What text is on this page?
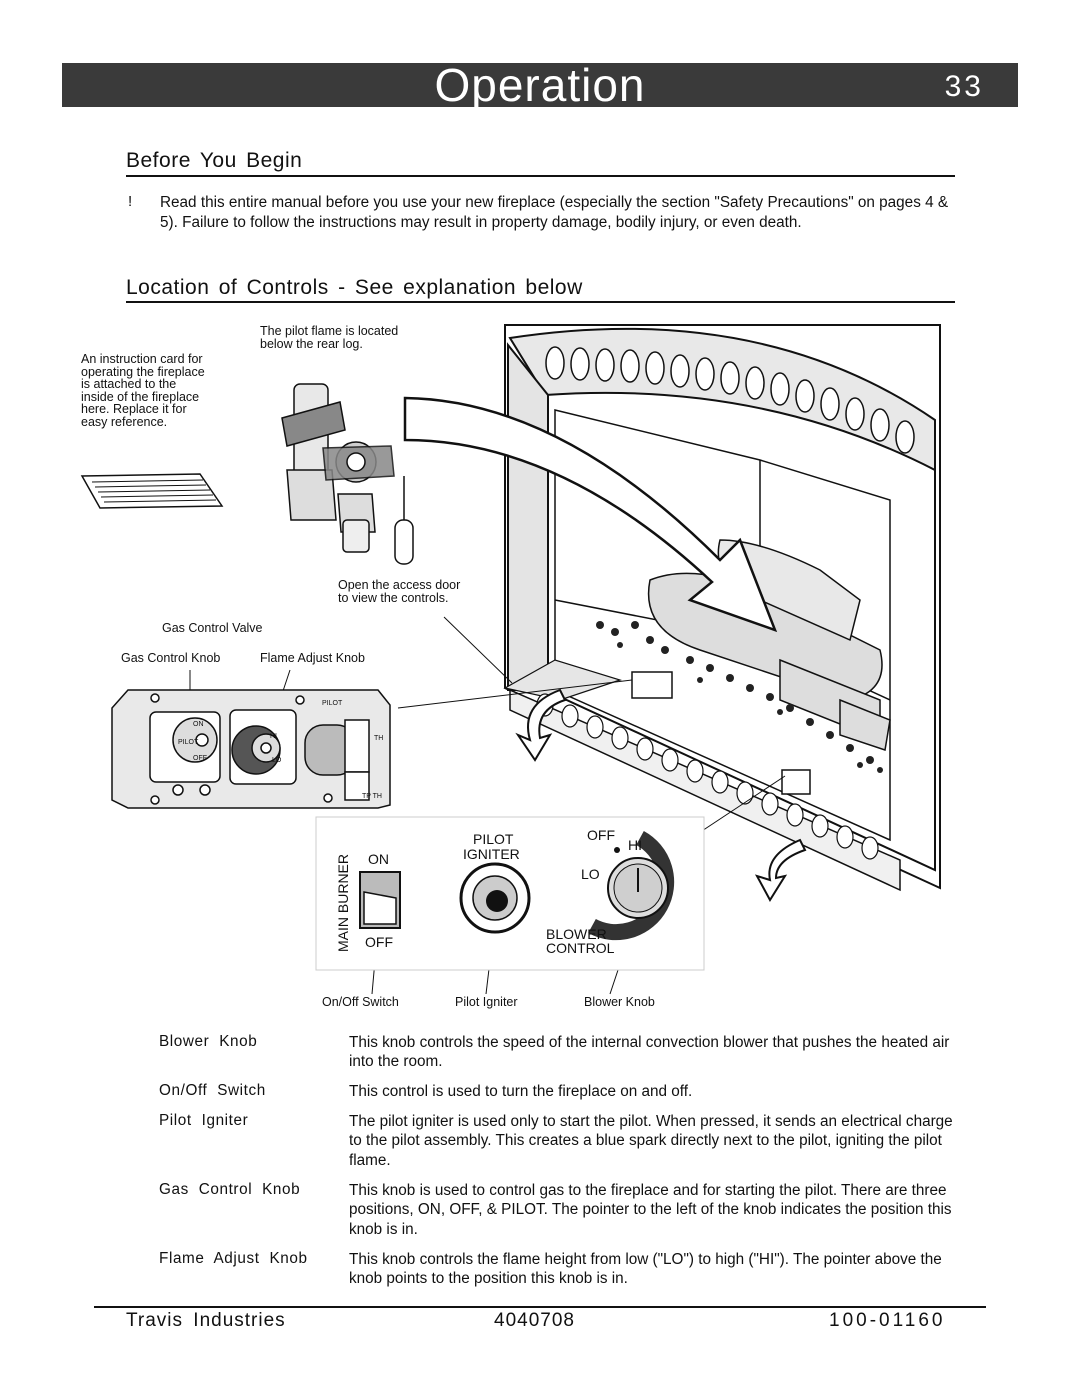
Operation	33
Before You Begin
! Read this entire manual before you use your new fireplace (especially the section "Safety Precautions" on pages 4 & 5). Failure to follow the instructions may result in property damage, bodily injury, or even death.
Location of Controls - See explanation below
ON
PILOT
OFF
HI
LO
PILOT
TH
TP TH
ON
OFF
PILOT
IGNITER
OFF
HI
LO
BLOWER
CONTROL
MAIN BURNER
An instruction card for
operating the fireplace
is attached to the
inside of the fireplace
here. Replace it for
easy reference.
The pilot flame is located
below the rear log.
Open the access door
to view the controls.
Gas Control Valve
Gas Control Knob	Flame Adjust Knob
On/Off Switch	Pilot Igniter	Blower Knob
Blower Knob	This knob controls the speed of the internal convection blower that pushes the heated air into the room.
On/Off Switch	This control is used to turn the fireplace on and off.
Pilot Igniter	The pilot igniter is used only to start the pilot. When pressed, it sends an electrical charge to the pilot assembly. This creates a blue spark directly next to the pilot, igniting the pilot flame.
Gas Control Knob	This knob is used to control gas to the fireplace and for starting the pilot. There are three positions, ON, OFF, & PILOT. The pointer to the left of the knob indicates the position this knob is in.
Flame Adjust Knob	This knob controls the flame height from low ("LO") to high ("HI"). The pointer above the knob points to the position this knob is in.
Travis Industries	4040708	100-01160
